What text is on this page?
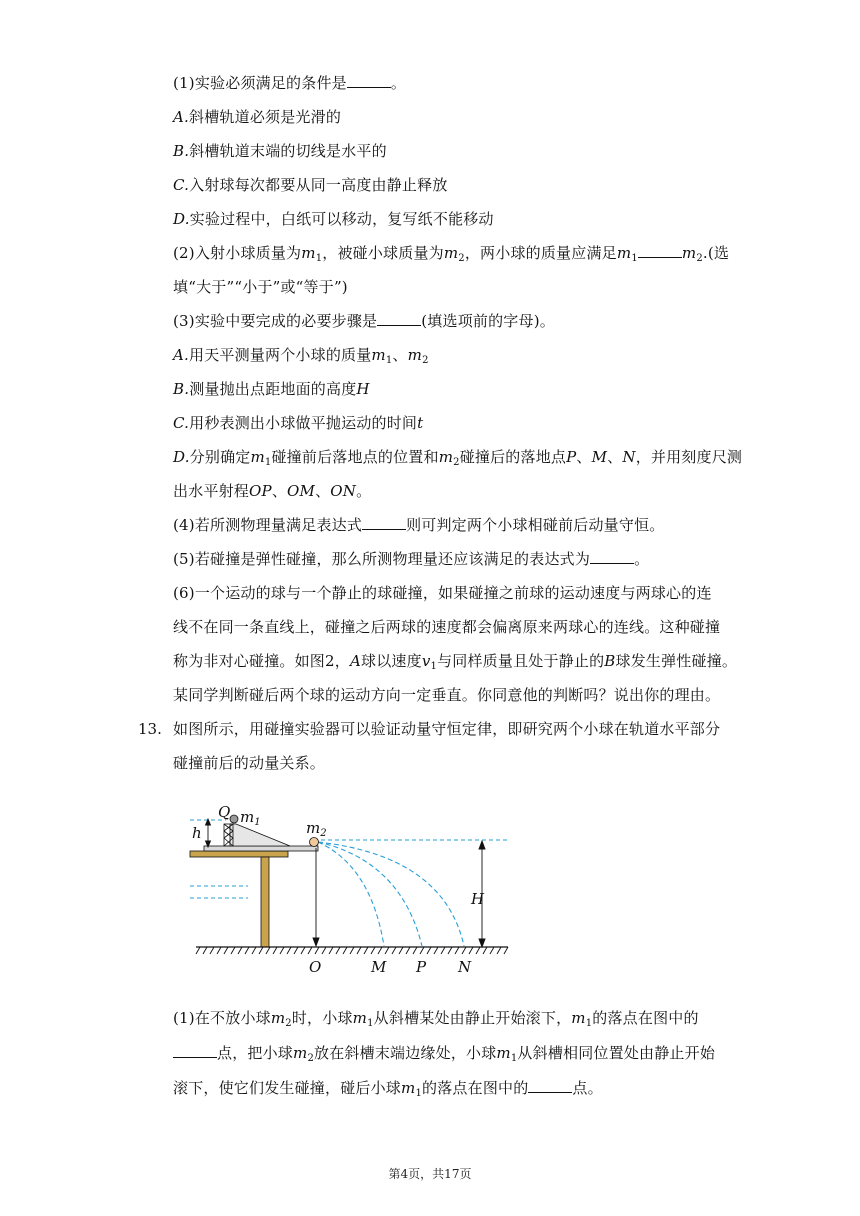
(1)实验必须满足的条件是	。
A.斜槽轨道必须是光滑的
B.斜槽轨道末端的切线是水平的
C.入射球每次都要从同一高度由静止释放
D.实验过程中，白纸可以移动，复写纸不能移动
(2)入射小球质量为$m_1$，被碰小球质量为$m_2$，两小球的质量应满足$m_1$	$m_2$.(选
填“大于”“小于”或“等于”)
(3)实验中要完成的必要步骤是	(填选项前的字母)。
A.用天平测量两个小球的质量$m_1$、$m_2$
B.测量抛出点距地面的高度H
C.用秒表测出小球做平抛运动的时间t
D.分别确定$m_1$碰撞前后落地点的位置和$m_2$碰撞后的落地点P、M、N，并用刻度尺测
出水平射程OP、OM、ON。
(4)若所测物理量满足表达式	则可判定两个小球相碰前后动量守恒。
(5)若碰撞是弹性碰撞，那么所测物理量还应该满足的表达式为	。
(6)一个运动的球与一个静止的球碰撞，如果碰撞之前球的运动速度与两球心的连
线不在同一条直线上，碰撞之后两球的速度都会偏离原来两球心的连线。这种碰撞
称为非对心碰撞。如图2，A球以速度$v_1$与同样质量且处于静止的B球发生弹性碰撞。
某同学判断碰后两个球的运动方向一定垂直。你同意他的判断吗？说出你的理由。
13. 如图所示，用碰撞实验器可以验证动量守恒定律，即研究两个小球在轨道水平部分
碰撞前后的动量关系。
Q $m_1$	$m_2$
h
H
O	M P N
(1)在不放小球$m_2$时，小球$m_1$从斜槽某处由静止开始滚下，$m_1$的落点在图中的
点，把小球$m_2$放在斜槽末端边缘处，小球$m_1$从斜槽相同位置处由静止开始
滚下，使它们发生碰撞，碰后小球$m_1$的落点在图中的	点。
第4页，共17页
